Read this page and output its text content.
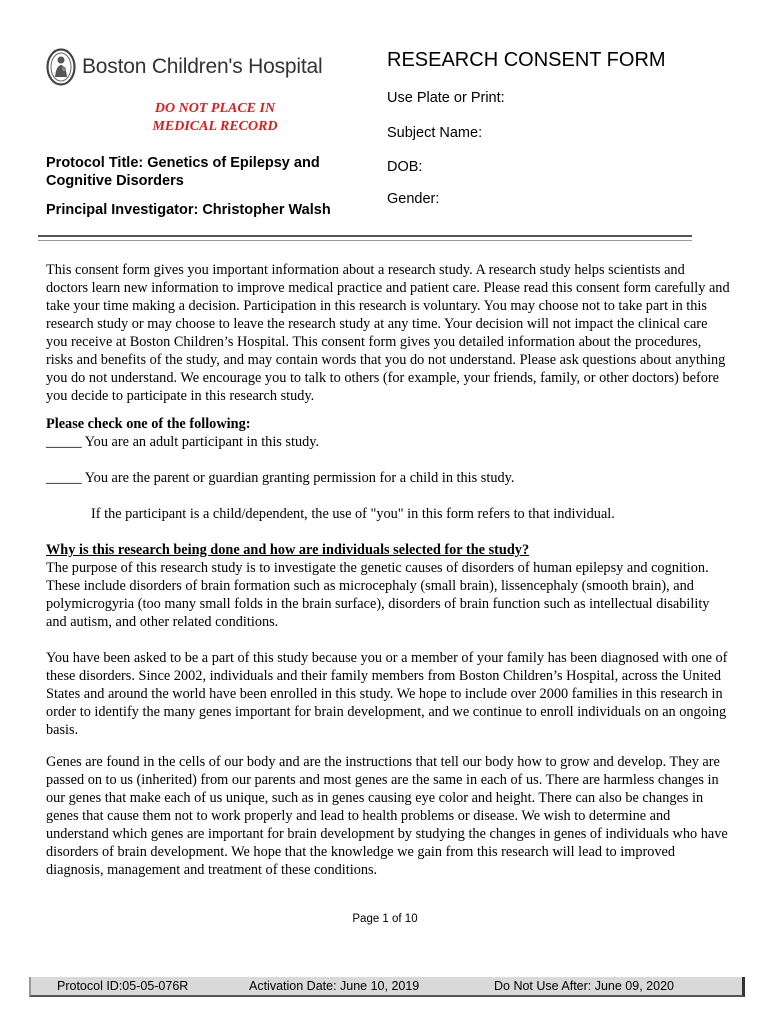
Boston Children's Hospital
DO NOT PLACE IN
MEDICAL RECORD
Protocol Title: Genetics of Epilepsy and Cognitive Disorders
Principal Investigator: Christopher Walsh
RESEARCH CONSENT FORM
Use Plate or Print:
Subject Name:
DOB:
Gender:

This consent form gives you important information about a research study. A research study helps scientists and doctors learn new information to improve medical practice and patient care. Please read this consent form carefully and take your time making a decision. Participation in this research is voluntary. You may choose not to take part in this research study or may choose to leave the research study at any time. Your decision will not impact the clinical care you receive at Boston Children’s Hospital. This consent form gives you detailed information about the procedures, risks and benefits of the study, and may contain words that you do not understand. Please ask questions about anything you do not understand. We encourage you to talk to others (for example, your friends, family, or other doctors) before you decide to participate in this research study.

Please check one of the following:
_____ You are an adult participant in this study.
_____ You are the parent or guardian granting permission for a child in this study.
If the participant is a child/dependent, the use of "you" in this form refers to that individual.
Why is this research being done and how are individuals selected for the study?

The purpose of this research study is to investigate the genetic causes of disorders of human epilepsy and cognition. These include disorders of brain formation such as microcephaly (small brain), lissencephaly (smooth brain), and polymicrogyria (too many small folds in the brain surface), disorders of brain function such as intellectual disability and autism, and other related conditions.

You have been asked to be a part of this study because you or a member of your family has been diagnosed with one of these disorders. Since 2002, individuals and their family members from Boston Children’s Hospital, across the United States and around the world have been enrolled in this study. We hope to include over 2000 families in this research in order to identify the many genes important for brain development, and we continue to enroll individuals on an ongoing basis.

Genes are found in the cells of our body and are the instructions that tell our body how to grow and develop. They are passed on to us (inherited) from our parents and most genes are the same in each of us. There are harmless changes in our genes that make each of us unique, such as in genes causing eye color and height. There can also be changes in genes that cause them not to work properly and lead to health problems or disease. We wish to determine and understand which genes are important for brain development by studying the changes in genes of individuals who have disorders of brain development. We hope that the knowledge we gain from this research will lead to improved diagnosis, management and treatment of these conditions.

Page 1 of 10
Protocol ID:05-05-076R	Activation Date: June 10, 2019	Do Not Use After: June 09, 2020
